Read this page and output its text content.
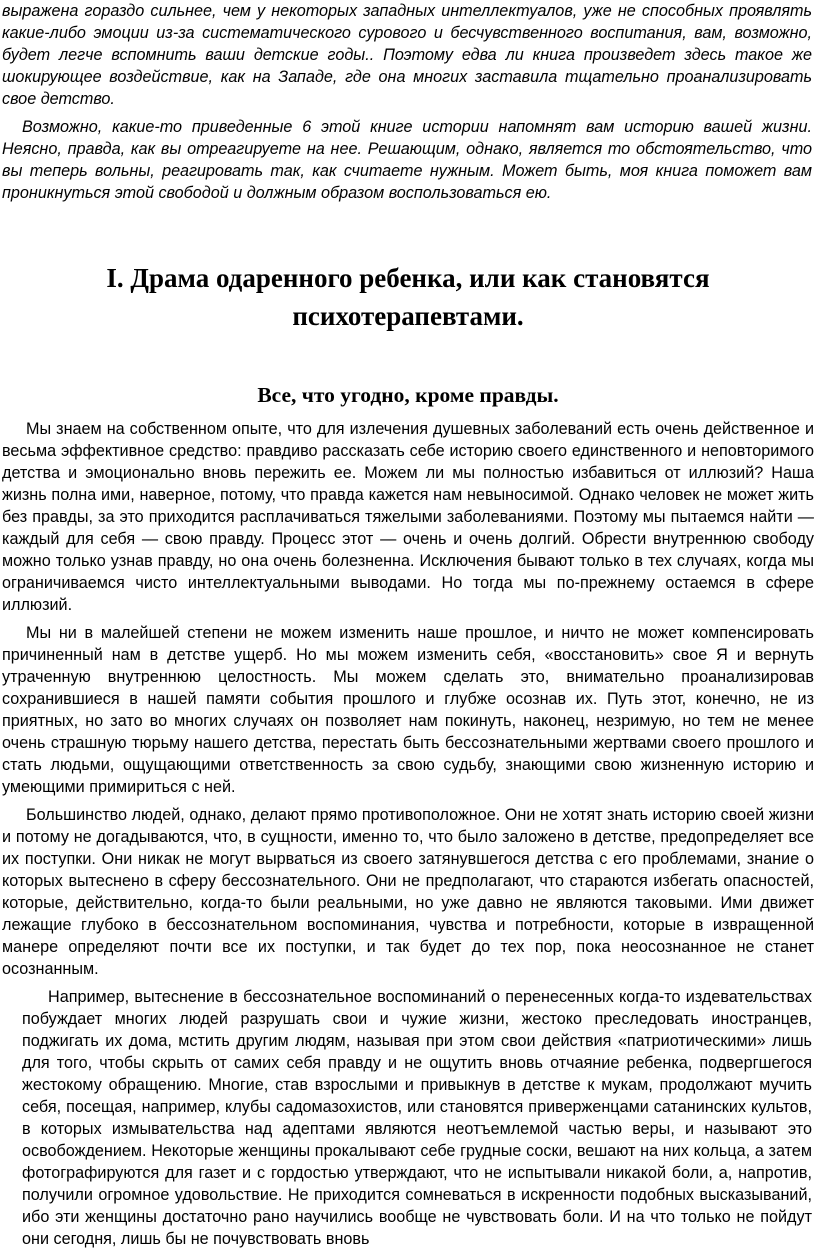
выражена гораздо сильнее, чем у некоторых западных интеллектуалов, уже не способных проявлять какие-либо эмоции из-за систематического сурового и бесчувственного воспитания, вам, возможно, будет легче вспомнить ваши детские годы.. Поэтому едва ли книга произведет здесь такое же шокирующее воздействие, как на Западе, где она многих заставила тщательно проанализировать свое детство.

Возможно, какие-то приведенные 6 этой книге истории напомнят вам историю вашей жизни. Неясно, правда, как вы отреагируете на нее. Решающим, однако, является то обстоятельство, что вы теперь вольны, реагировать так, как считаете нужным. Может быть, моя книга поможет вам проникнуться этой свободой и должным образом воспользоваться ею.

I. Драма одаренного ребенка, или как становятся психотерапевтами.
Все, что угодно, кроме правды.

Мы знаем на собственном опыте, что для излечения душевных заболеваний есть очень действенное и весьма эффективное средство: правдиво рассказать себе историю своего единственного и неповторимого детства и эмоционально вновь пережить ее. Можем ли мы полностью избавиться от иллюзий? Наша жизнь полна ими, наверное, потому, что правда кажется нам невыносимой. Однако человек не может жить без правды, за это приходится расплачиваться тяжелыми заболеваниями. Поэтому мы пытаемся найти — каждый для себя — свою правду. Процесс этот — очень и очень долгий. Обрести внутреннюю свободу можно только узнав правду, но она очень болезненна. Исключения бывают только в тех случаях, когда мы ограничиваемся чисто интеллектуальными выводами. Но тогда мы по-прежнему остаемся в сфере иллюзий.

Мы ни в малейшей степени не можем изменить наше прошлое, и ничто не может компенсировать причиненный нам в детстве ущерб. Но мы можем изменить себя, «восстановить» свое Я и вернуть утраченную внутреннюю целостность. Мы можем сделать это, внимательно проанализировав сохранившиеся в нашей памяти события прошлого и глубже осознав их. Путь этот, конечно, не из приятных, но зато во многих случаях он позволяет нам покинуть, наконец, незримую, но тем не менее очень страшную тюрьму нашего детства, перестать быть бессознательными жертвами своего прошлого и стать людьми, ощущающими ответственность за свою судьбу, знающими свою жизненную историю и умеющими примириться с ней.

Большинство людей, однако, делают прямо противоположное. Они не хотят знать историю своей жизни и потому не догадываются, что, в сущности, именно то, что было заложено в детстве, предопределяет все их поступки. Они никак не могут вырваться из своего затянувшегося детства с его проблемами, знание о которых вытеснено в сферу бессознательного. Они не предполагают, что стараются избегать опасностей, которые, действительно, когда-то были реальными, но уже давно не являются таковыми. Ими движет лежащие глубоко в бессознательном воспоминания, чувства и потребности, которые в извращенной манере определяют почти все их поступки, и так будет до тех пор, пока неосознанное не станет осознанным.

Например, вытеснение в бессознательное воспоминаний о перенесенных когда-то издевательствах побуждает многих людей разрушать свои и чужие жизни, жестоко преследовать иностранцев, поджигать их дома, мстить другим людям, называя при этом свои действия «патриотическими» лишь для того, чтобы скрыть от самих себя правду и не ощутить вновь отчаяние ребенка, подвергшегося жестокому обращению. Многие, став взрослыми и привыкнув в детстве к мукам, продолжают мучить себя, посещая, например, клубы садомазохистов, или становятся приверженцами сатанинских культов, в которых измывательства над адептами являются неотъемлемой частью веры, и называют это освобождением. Некоторые женщины прокалывают себе грудные соски, вешают на них кольца, а затем фотографируются для газет и с гордостью утверждают, что не испытывали никакой боли, а, напротив, получили огромное удовольствие. Не приходится сомневаться в искренности подобных высказываний, ибо эти женщины достаточно рано научились вообще не чувствовать боли. И на что только не пойдут они сегодня, лишь бы не почувствовать вновь
